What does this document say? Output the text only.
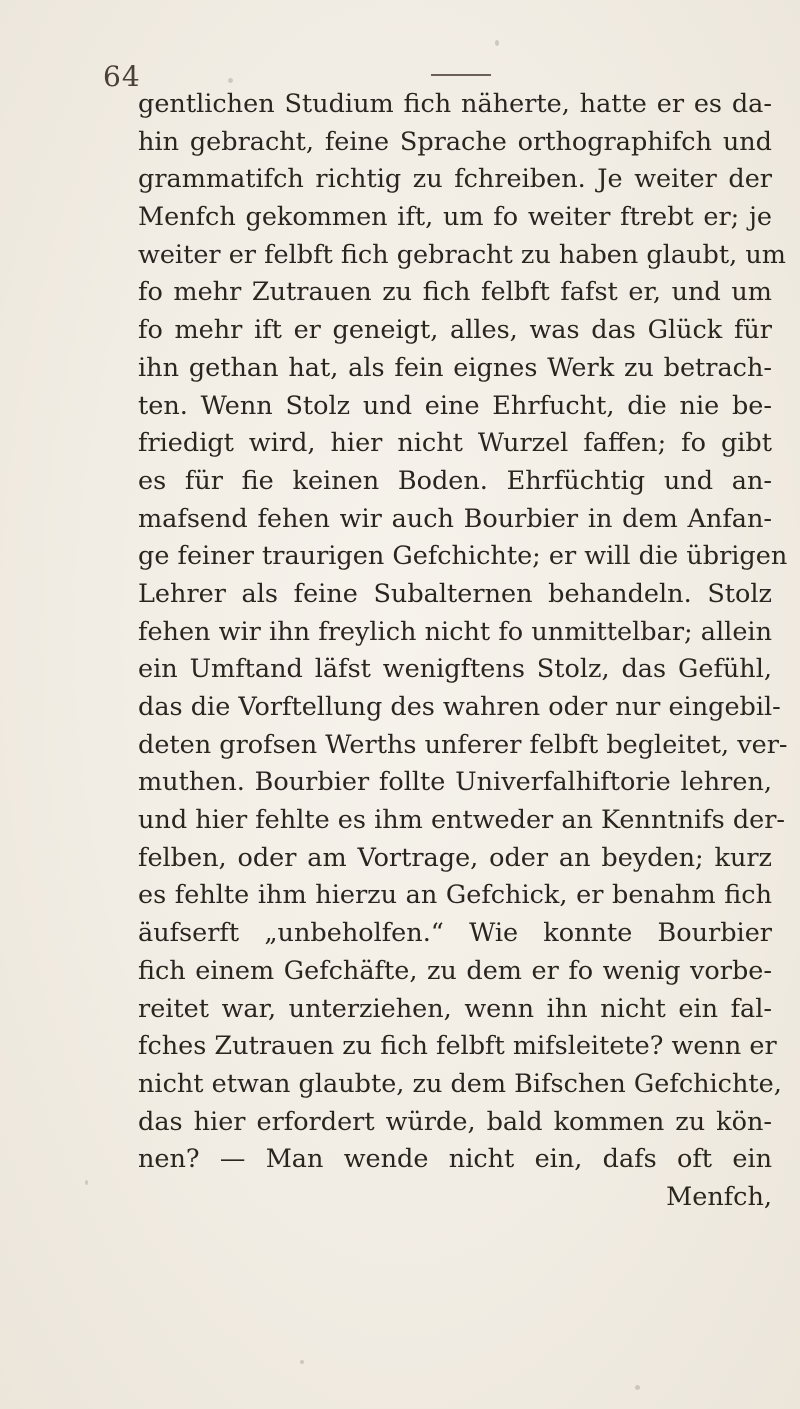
64
gentlichen Studium fich näherte, hatte er es da-
hin gebracht, feine Sprache orthographifch und
grammatifch richtig zu fchreiben. Je weiter der
Menfch gekommen ift, um fo weiter ftrebt er; je
weiter er felbft fich gebracht zu haben glaubt, um
fo mehr Zutrauen zu fich felbft fafst er, und um
fo mehr ift er geneigt, alles, was das Glück für
ihn gethan hat, als fein eignes Werk zu betrach-
ten. Wenn Stolz und eine Ehrfucht, die nie be-
friedigt wird, hier nicht Wurzel faffen; fo gibt
es für fie keinen Boden. Ehrfüchtig und an-
mafsend fehen wir auch Bourbier in dem Anfan-
ge feiner traurigen Gefchichte; er will die übrigen
Lehrer als feine Subalternen behandeln. Stolz
fehen wir ihn freylich nicht fo unmittelbar; allein
ein Umftand läfst wenigftens Stolz, das Gefühl,
das die Vorftellung des wahren oder nur eingebil-
deten grofsen Werths unferer felbft begleitet, ver-
muthen. Bourbier follte Univerfalhiftorie lehren,
und hier fehlte es ihm entweder an Kenntnifs der-
felben, oder am Vortrage, oder an beyden; kurz
es fehlte ihm hierzu an Gefchick, er benahm fich
äufserft „unbeholfen.“ Wie konnte Bourbier
fich einem Gefchäfte, zu dem er fo wenig vorbe-
reitet war, unterziehen, wenn ihn nicht ein fal-
fches Zutrauen zu fich felbft mifsleitete? wenn er
nicht etwan glaubte, zu dem Bifschen Gefchichte,
das hier erfordert würde, bald kommen zu kön-
nen? — Man wende nicht ein, dafs oft ein
Menfch,
